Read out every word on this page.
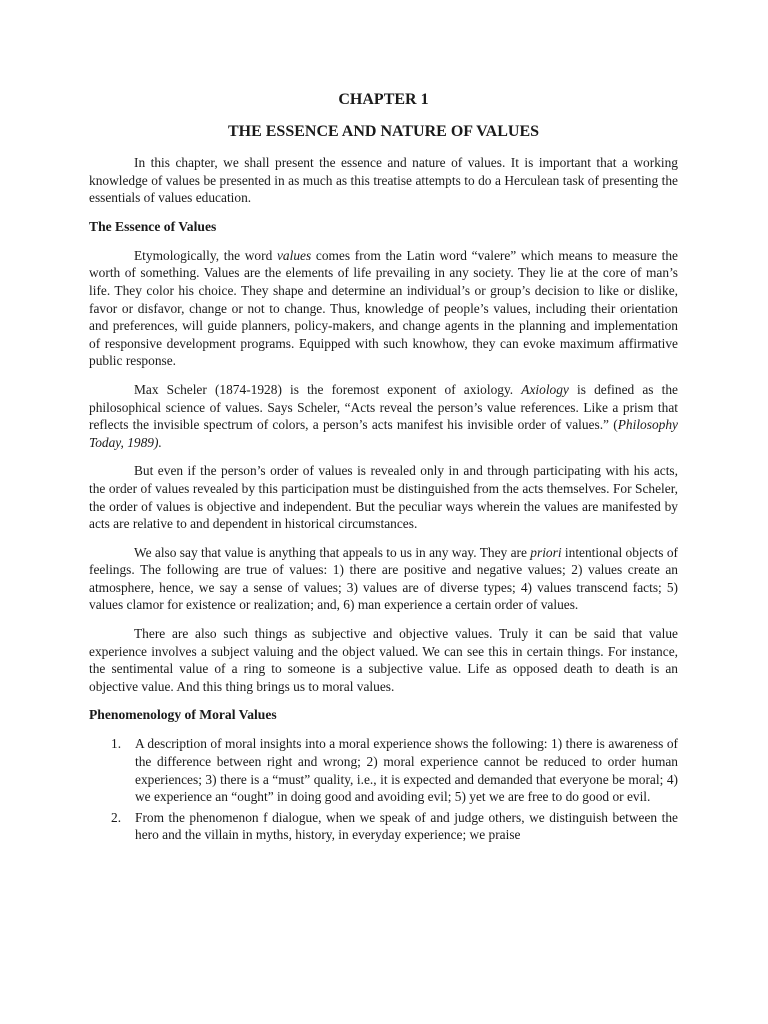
CHAPTER 1
THE ESSENCE AND NATURE OF VALUES

In this chapter, we shall present the essence and nature of values. It is important that a working knowledge of values be presented in as much as this treatise attempts to do a Herculean task of presenting the essentials of values education.

The Essence of Values

Etymologically, the word values comes from the Latin word “valere” which means to measure the worth of something. Values are the elements of life prevailing in any society. They lie at the core of man’s life. They color his choice. They shape and determine an individual’s or group’s decision to like or dislike, favor or disfavor, change or not to change. Thus, knowledge of people’s values, including their orientation and preferences, will guide planners, policy-makers, and change agents in the planning and implementation of responsive development programs. Equipped with such knowhow, they can evoke maximum affirmative public response.

Max Scheler (1874-1928) is the foremost exponent of axiology. Axiology is defined as the philosophical science of values. Says Scheler, “Acts reveal the person’s value references. Like a prism that reflects the invisible spectrum of colors, a person’s acts manifest his invisible order of values.” (Philosophy Today, 1989).

But even if the person’s order of values is revealed only in and through participating with his acts, the order of values revealed by this participation must be distinguished from the acts themselves. For Scheler, the order of values is objective and independent. But the peculiar ways wherein the values are manifested by acts are relative to and dependent in historical circumstances.

We also say that value is anything that appeals to us in any way. They are priori intentional objects of feelings. The following are true of values: 1) there are positive and negative values; 2) values create an atmosphere, hence, we say a sense of values; 3) values are of diverse types; 4) values transcend facts; 5) values clamor for existence or realization; and, 6) man experience a certain order of values.

There are also such things as subjective and objective values. Truly it can be said that value experience involves a subject valuing and the object valued. We can see this in certain things. For instance, the sentimental value of a ring to someone is a subjective value. Life as opposed death to death is an objective value. And this thing brings us to moral values.

Phenomenology of Moral Values
1. A description of moral insights into a moral experience shows the following: 1) there is awareness of the difference between right and wrong; 2) moral experience cannot be reduced to order human experiences; 3) there is a “must” quality, i.e., it is expected and demanded that everyone be moral; 4) we experience an “ought” in doing good and avoiding evil; 5) yet we are free to do good or evil.
2. From the phenomenon f dialogue, when we speak of and judge others, we distinguish between the hero and the villain in myths, history, in everyday experience; we praise
